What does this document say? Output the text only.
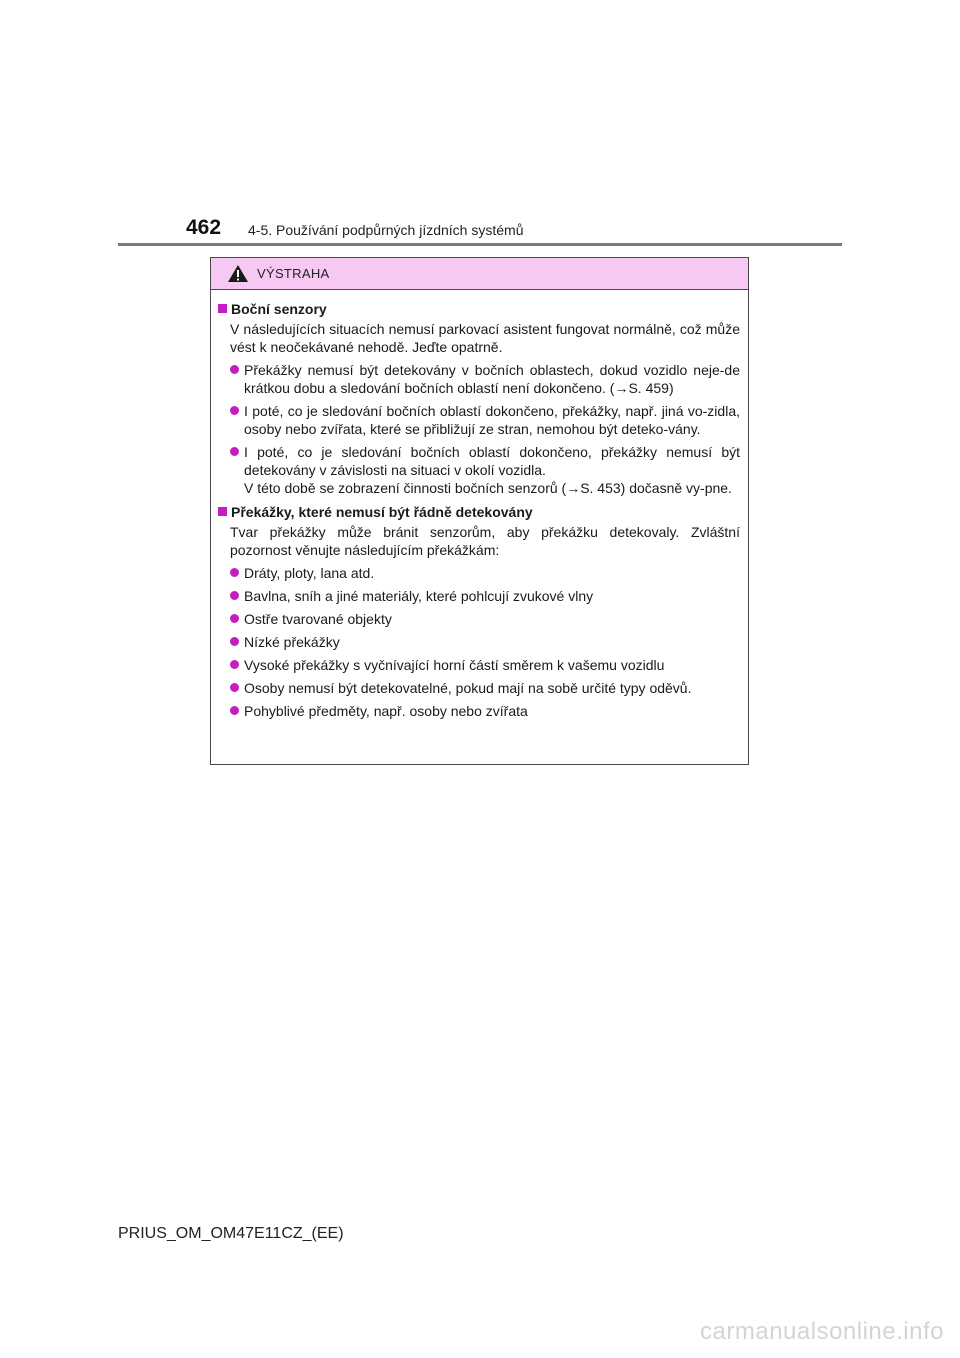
462 4-5. Používání podpůrných jízdních systémů
VÝSTRAHA
Boční senzory
V následujících situacích nemusí parkovací asistent fungovat normálně, což může vést k neočekávané nehodě. Jeďte opatrně.
Překážky nemusí být detekovány v bočních oblastech, dokud vozidlo neje-de krátkou dobu a sledování bočních oblastí není dokončeno. (→S. 459)
I poté, co je sledování bočních oblastí dokončeno, překážky, např. jiná vo-zidla, osoby nebo zvířata, které se přibližují ze stran, nemohou být deteko-vány.
I poté, co je sledování bočních oblastí dokončeno, překážky nemusí být detekovány v závislosti na situaci v okolí vozidla.
V této době se zobrazení činnosti bočních senzorů (→S. 453) dočasně vy-pne.
Překážky, které nemusí být řádně detekovány
Tvar překážky může bránit senzorům, aby překážku detekovaly. Zvláštní pozornost věnujte následujícím překážkám:
Dráty, ploty, lana atd.
Bavlna, sníh a jiné materiály, které pohlcují zvukové vlny
Ostře tvarované objekty
Nízké překážky
Vysoké překážky s vyčnívající horní částí směrem k vašemu vozidlu
Osoby nemusí být detekovatelné, pokud mají na sobě určité typy oděvů.
Pohyblivé předměty, např. osoby nebo zvířata
PRIUS_OM_OM47E11CZ_(EE)
carmanualsonline.info
